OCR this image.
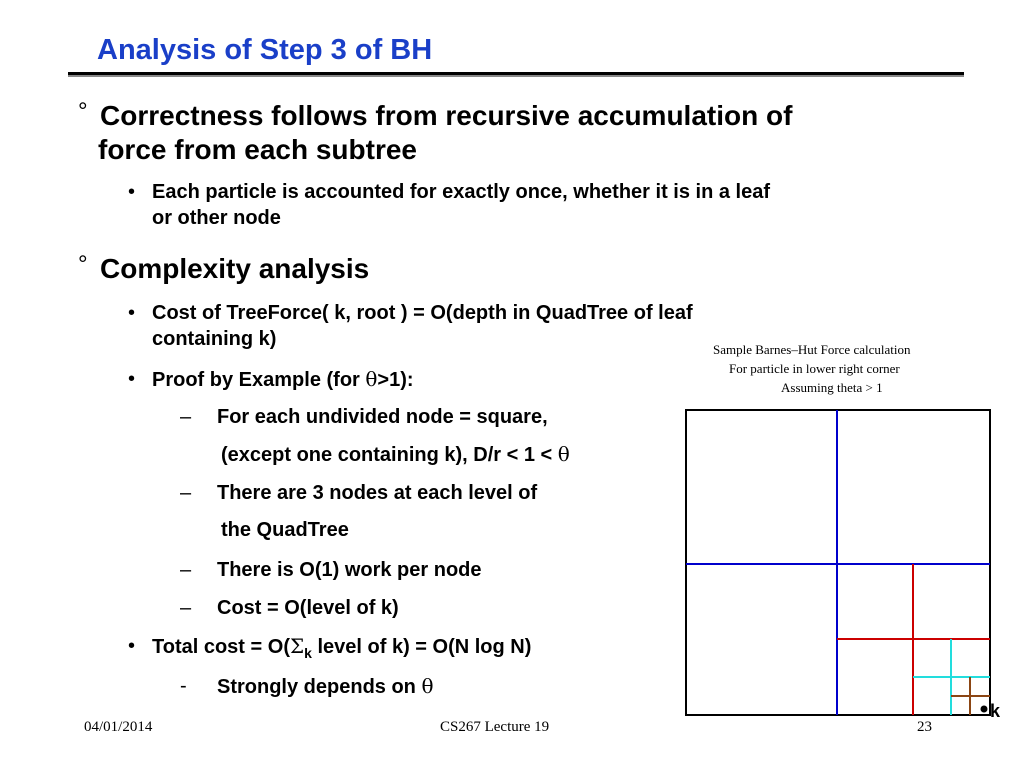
Analysis of Step 3 of BH
° Correctness follows from recursive accumulation of
force from each subtree
• Each particle is accounted for exactly once, whether it is in a leaf
or other node
° Complexity analysis
• Cost of TreeForce( k, root ) = O(depth in QuadTree of leaf
containing k)
• Proof by Example (for θ>1):
– For each undivided node = square,
(except one containing k), D/r < 1 < θ
– There are 3 nodes at each level of
the QuadTree
– There is O(1) work per node
– Cost = O(level of k)
• Total $\cos t = O(\Sigma_k$ level of k) = O(N log N)
- Strongly depends on θ
Sample Barnes–Hut Force calculation
For particle in lower right corner
Assuming theta > 1
k
04/01/2014	CS267 Lecture 19	23
